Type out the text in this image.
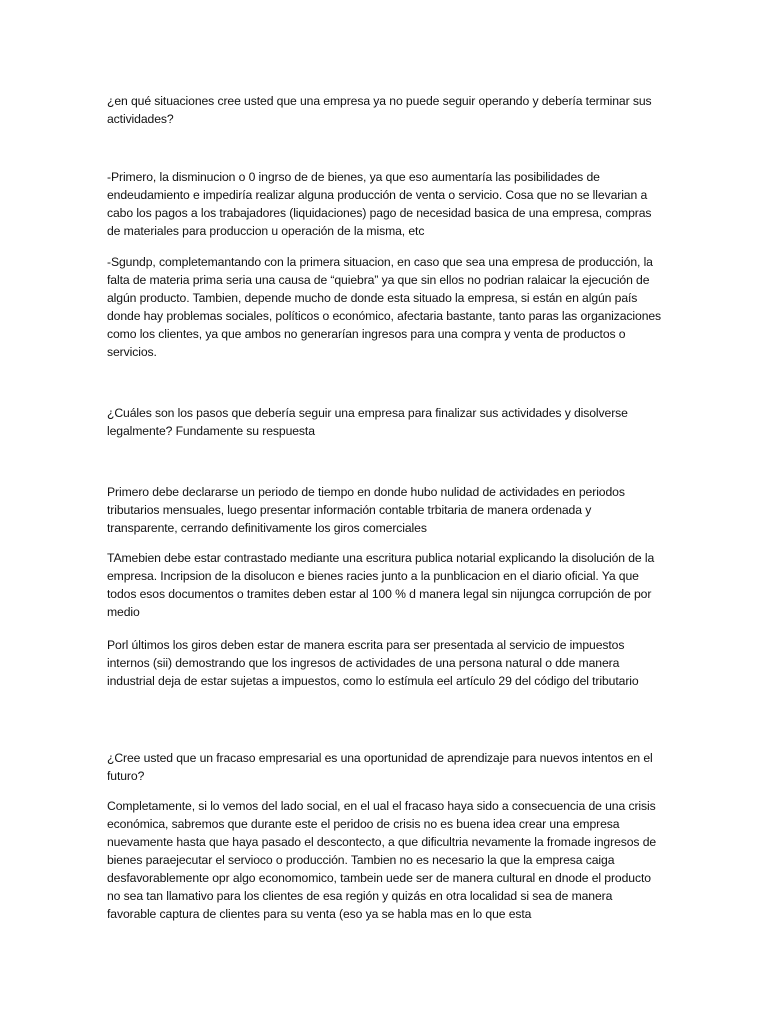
¿en qué situaciones cree usted que una empresa ya no puede seguir operando y debería terminar sus actividades?

-Primero, la disminucion o 0 ingrso de de bienes, ya que eso aumentaría las posibilidades de endeudamiento e impediría realizar alguna producción de venta o servicio. Cosa que no se llevarian a cabo los pagos a los trabajadores (liquidaciones) pago de necesidad basica de una empresa, compras de materiales para produccion u operación de la misma, etc

-Sgundp, completemantando con la primera situacion, en caso que sea una empresa de producción, la falta de materia prima seria una causa de “quiebra” ya que sin ellos no podrian ralaicar la ejecución de algún producto. Tambien, depende mucho de donde esta situado la empresa, si están en algún país donde hay problemas sociales, políticos o económico, afectaria bastante, tanto paras las organizaciones como los clientes, ya que ambos no generarían ingresos para una compra y venta de productos o servicios.

¿Cuáles son los pasos que debería seguir una empresa para finalizar sus actividades y disolverse legalmente? Fundamente su respuesta

Primero debe declararse un periodo de tiempo en donde hubo nulidad de actividades en periodos tributarios mensuales, luego presentar información contable trbitaria de manera ordenada y transparente, cerrando definitivamente los giros comerciales

TAmebien debe estar contrastado mediante una escritura publica notarial explicando la disolución de la empresa. Incripsion de la disolucon e bienes racies junto a la punblicacion en el diario oficial. Ya que todos esos documentos o tramites deben estar al 100 % d manera legal sin nijungca corrupción de por medio

Porl últimos los giros deben estar de manera escrita para ser presentada al servicio de impuestos internos (sii) demostrando que los ingresos de actividades de una persona natural o dde manera industrial deja de estar sujetas a impuestos, como lo estímula eel artículo 29 del código del tributario

¿Cree usted que un fracaso empresarial es una oportunidad de aprendizaje para nuevos intentos en el futuro?

Completamente, si lo vemos del lado social, en el ual el fracaso haya sido a consecuencia de una crisis económica, sabremos que durante este el peridoo de crisis no es buena idea crear una empresa nuevamente hasta que haya pasado el descontecto, a que dificultria nevamente la fromade ingresos de bienes paraejecutar el servioco o producción. Tambien no es necesario la que la empresa caiga desfavorablemente opr algo economomico, tambein uede ser de manera cultural en dnode el producto no sea tan llamativo para los clientes de esa región y quizás en otra localidad si sea de manera favorable captura de clientes para su venta (eso ya se habla mas en lo que esta
